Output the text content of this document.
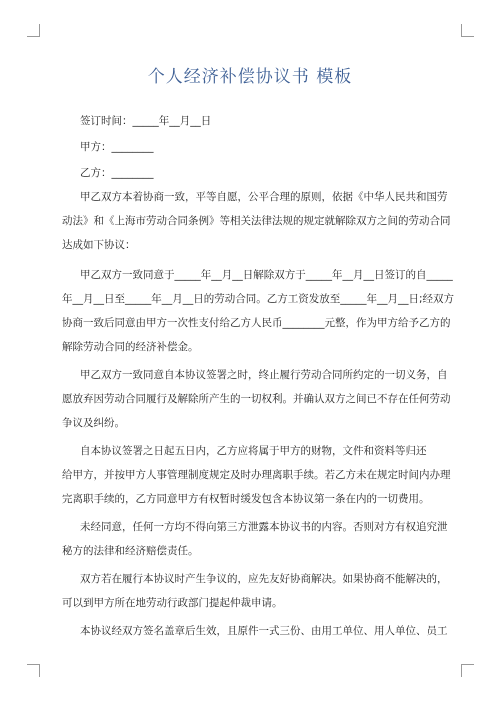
个人经济补偿协议书 模板
签订时间：_____年__月__日
甲方：________
乙方：________
甲乙双方本着协商一致，平等自愿，公平合理的原则，依据《中华人民共和国劳
动法》和《上海市劳动合同条例》等相关法律法规的规定就解除双方之间的劳动合同
达成如下协议：
甲乙双方一致同意于_____年__月__日解除双方于_____年__月__日签订的自_____
年__月__日至_____年__月__日的劳动合同。乙方工资发放至_____年__月__日;经双方
协商一致后同意由甲方一次性支付给乙方人民币________元整，作为甲方给予乙方的
解除劳动合同的经济补偿金。
甲乙双方一致同意自本协议签署之时，终止履行劳动合同所约定的一切义务，自
愿放弃因劳动合同履行及解除所产生的一切权利。并确认双方之间已不存在任何劳动
争议及纠纷。
自本协议签署之日起五日内，乙方应将属于甲方的财物，文件和资料等归还
给甲方，并按甲方人事管理制度规定及时办理离职手续。若乙方未在规定时间内办理
完离职手续的，乙方同意甲方有权暂时缓发包含本协议第一条在内的一切费用。
未经同意，任何一方均不得向第三方泄露本协议书的内容。否则对方有权追究泄
秘方的法律和经济赔偿责任。
双方若在履行本协议时产生争议的，应先友好协商解决。如果协商不能解决的，
可以到甲方所在地劳动行政部门提起仲裁申请。
本协议经双方签名盖章后生效，且原件一式三份、由用工单位、用人单位、员工
